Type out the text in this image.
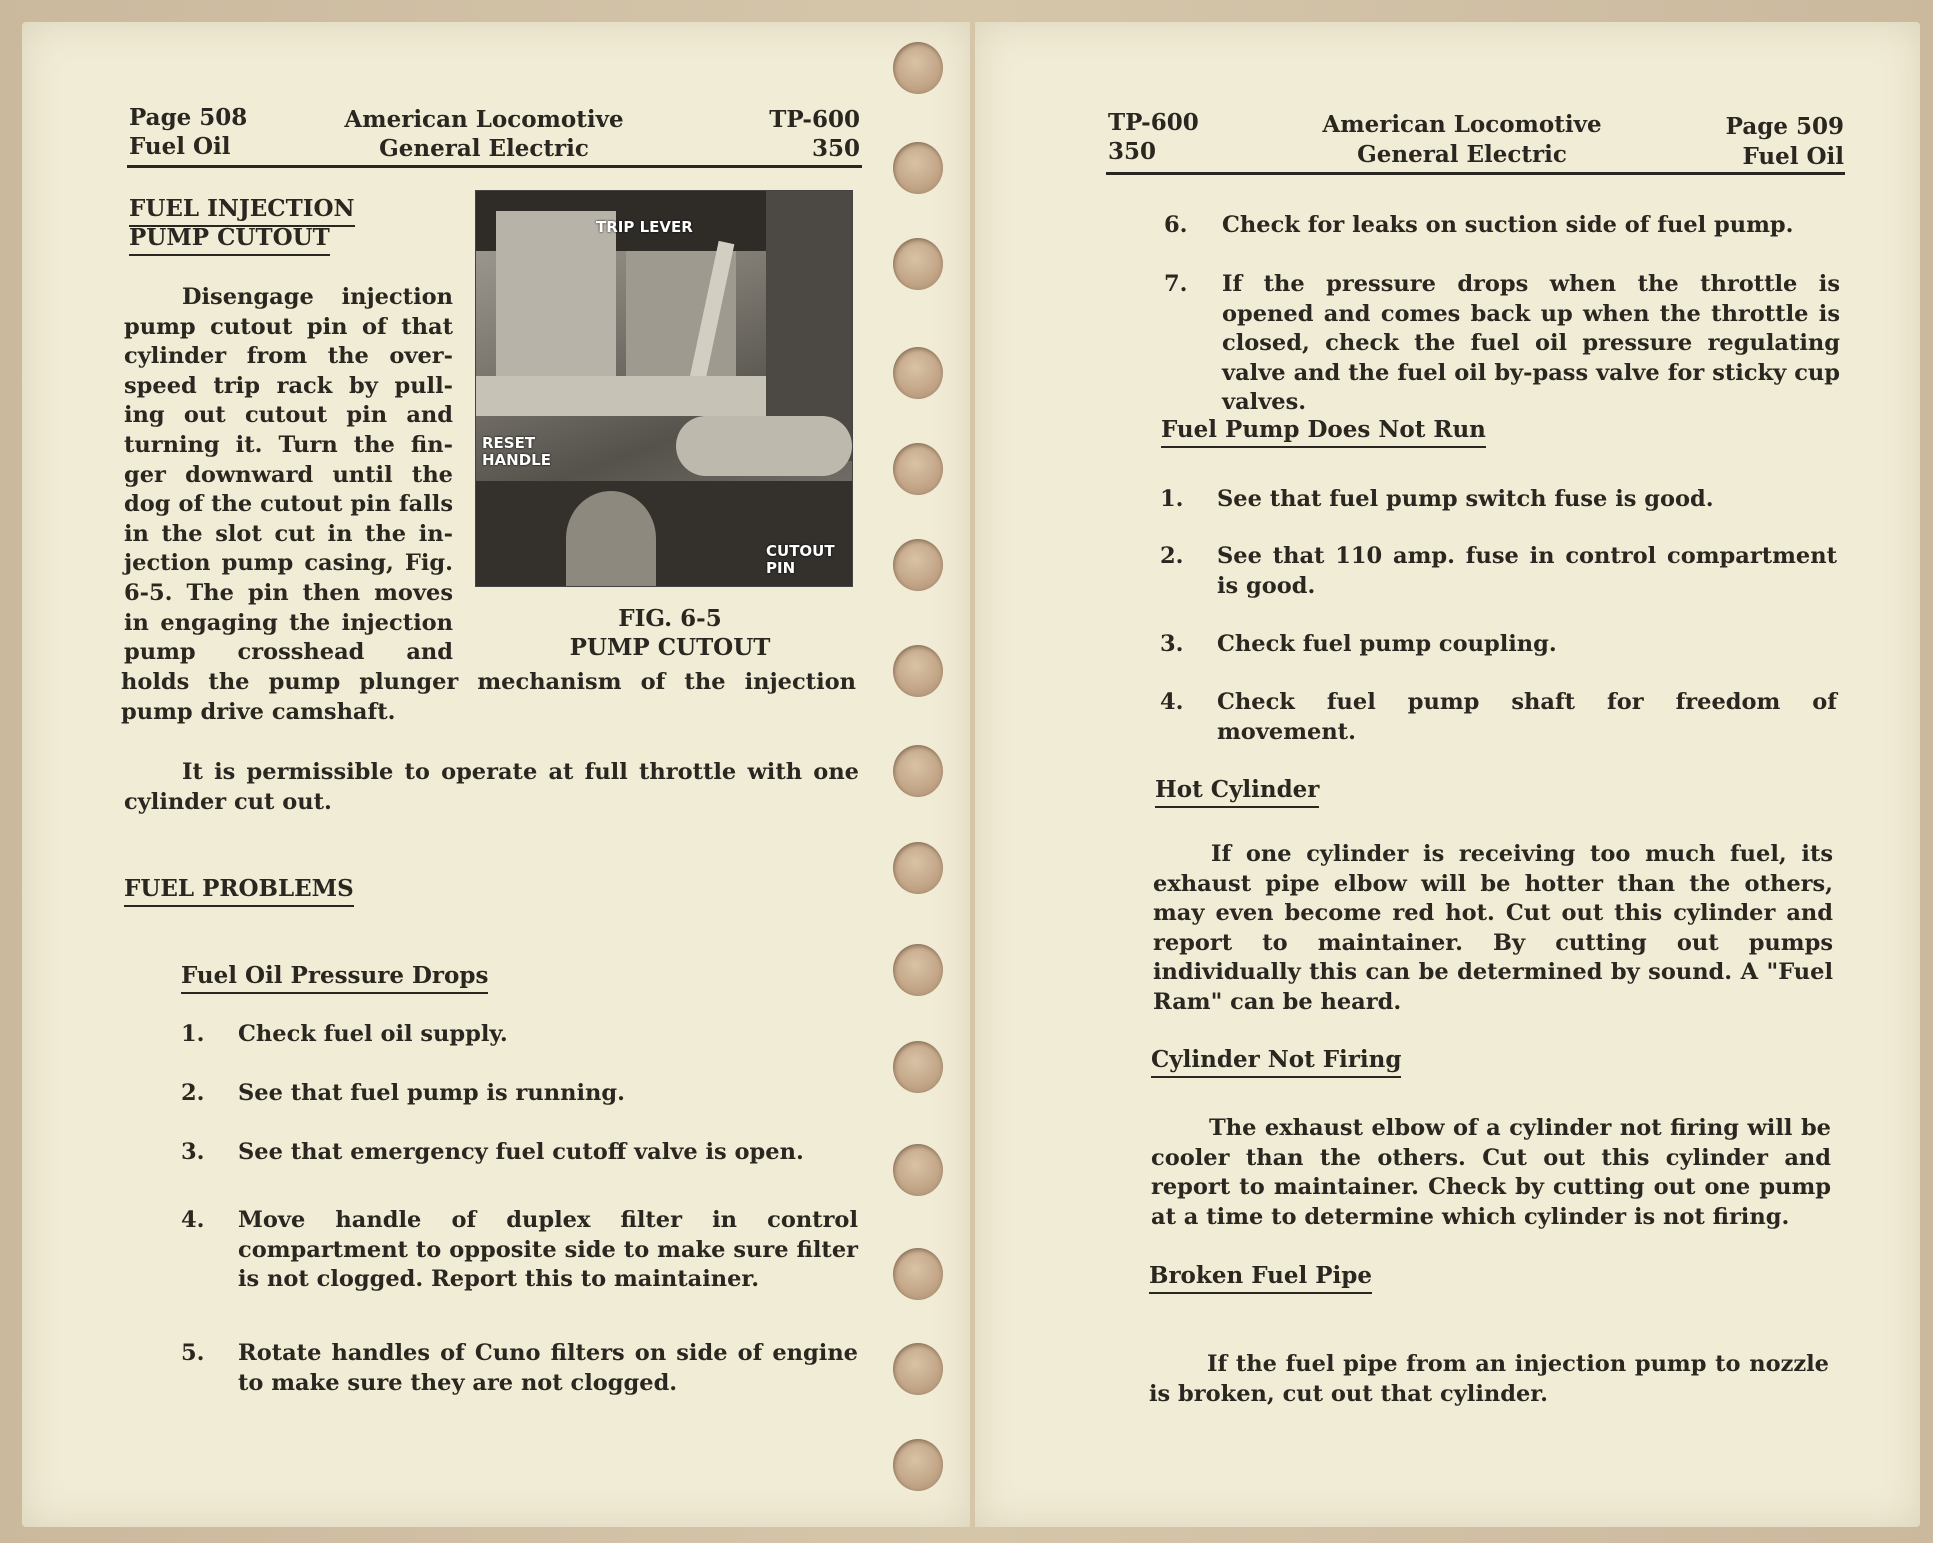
Page 508
Fuel Oil
American Locomotive
General Electric
TP-600
350
FUEL INJECTION
PUMP CUTOUT
Disengage injection
pump cutout pin of that
cylinder from the over-
speed trip rack by pull-
ing out cutout pin and
turning it. Turn the fin-
ger downward until the
dog of the cutout pin falls
in the slot cut in the in-
jection pump casing, Fig.
6-5. The pin then moves
in engaging the injection
pump crosshead and
holds the pump plunger mechanism of the injection pump drive camshaft.
TRIP LEVER
RESET HANDLE
CUTOUT PIN
FIG. 6-5
PUMP CUTOUT
It is permissible to operate at full throttle with one cylinder cut out.
FUEL PROBLEMS
Fuel Oil Pressure Drops
1. Check fuel oil supply.
2. See that fuel pump is running.
3. See that emergency fuel cutoff valve is open.
4. Move handle of duplex filter in control compartment to opposite side to make sure filter is not clogged. Report this to maintainer.
5. Rotate handles of Cuno filters on side of engine to make sure they are not clogged.
TP-600
350
American Locomotive
General Electric
Page 509
Fuel Oil
6. Check for leaks on suction side of fuel pump.
7. If the pressure drops when the throttle is opened and comes back up when the throttle is closed, check the fuel oil pressure regulating valve and the fuel oil by-pass valve for sticky cup valves.
Fuel Pump Does Not Run
1. See that fuel pump switch fuse is good.
2. See that 110 amp. fuse in control compartment is good.
3. Check fuel pump coupling.
4. Check fuel pump shaft for freedom of movement.
Hot Cylinder
If one cylinder is receiving too much fuel, its exhaust pipe elbow will be hotter than the others, may even become red hot. Cut out this cylinder and report to maintainer. By cutting out pumps individually this can be determined by sound. A "Fuel Ram" can be heard.
Cylinder Not Firing
The exhaust elbow of a cylinder not firing will be cooler than the others. Cut out this cylinder and report to maintainer. Check by cutting out one pump at a time to determine which cylinder is not firing.
Broken Fuel Pipe
If the fuel pipe from an injection pump to nozzle is broken, cut out that cylinder.
